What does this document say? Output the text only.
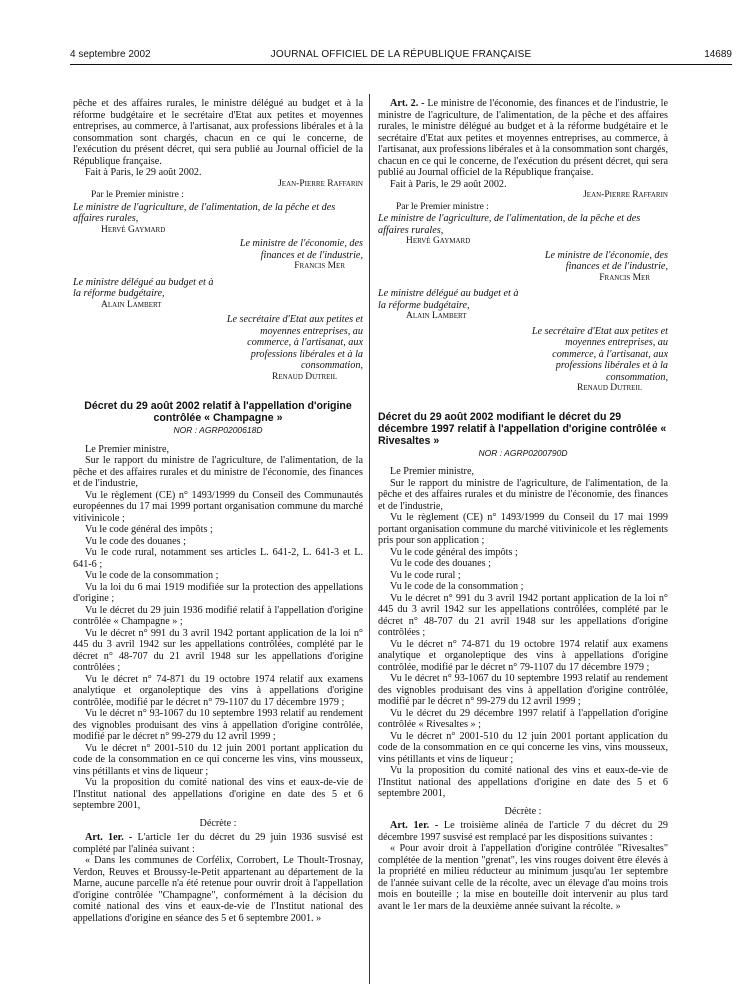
4 septembre 2002	JOURNAL OFFICIEL DE LA RÉPUBLIQUE FRANÇAISE	14689

pêche et des affaires rurales, le ministre délégué au budget et à la réforme budgétaire et le secrétaire d'Etat aux petites et moyennes entreprises, au commerce, à l'artisanat, aux professions libérales et à la consommation sont chargés, chacun en ce qui le concerne, de l'exécution du présent décret, qui sera publié au Journal officiel de la République française.

Fait à Paris, le 29 août 2002.

Jean-Pierre Raffarin

Par le Premier ministre :

Le ministre de l'agriculture, de l'alimentation, de la pêche et des affaires rurales,

Hervé Gaymard

Le ministre de l'économie, des finances et de l'industrie,

Francis Mer

Le ministre délégué au budget et à la réforme budgétaire,

Alain Lambert

Le secrétaire d'Etat aux petites et moyennes entreprises, au commerce, à l'artisanat, aux professions libérales et à la consommation,

Renaud Dutreil

Décret du 29 août 2002 relatif à l'appellation d'origine contrôlée « Champagne »

NOR : AGRP0200618D

Le Premier ministre,

Sur le rapport du ministre de l'agriculture, de l'alimentation, de la pêche et des affaires rurales et du ministre de l'économie, des finances et de l'industrie,

Vu le règlement (CE) n° 1493/1999 du Conseil des Communautés européennes du 17 mai 1999 portant organisation commune du marché vitivinicole ;

Vu le code général des impôts ;

Vu le code des douanes ;

Vu le code rural, notamment ses articles L. 641-2, L. 641-3 et L. 641-6 ;

Vu le code de la consommation ;

Vu la loi du 6 mai 1919 modifiée sur la protection des appellations d'origine ;

Vu le décret du 29 juin 1936 modifié relatif à l'appellation d'origine contrôlée « Champagne » ;

Vu le décret n° 991 du 3 avril 1942 portant application de la loi n° 445 du 3 avril 1942 sur les appellations contrôlées, complété par le décret n° 48-707 du 21 avril 1948 sur les appellations d'origine contrôlées ;

Vu le décret n° 74-871 du 19 octobre 1974 relatif aux examens analytique et organoleptique des vins à appellations d'origine contrôlée, modifié par le décret n° 79-1107 du 17 décembre 1979 ;

Vu le décret n° 93-1067 du 10 septembre 1993 relatif au rendement des vignobles produisant des vins à appellation d'origine contrôlée, modifié par le décret n° 99-279 du 12 avril 1999 ;

Vu le décret n° 2001-510 du 12 juin 2001 portant application du code de la consommation en ce qui concerne les vins, vins mousseux, vins pétillants et vins de liqueur ;

Vu la proposition du comité national des vins et eaux-de-vie de l'Institut national des appellations d'origine en date des 5 et 6 septembre 2001,

Décrète :

Art. 1er. - L'article 1er du décret du 29 juin 1936 susvisé est complété par l'alinéa suivant :

« Dans les communes de Corfélix, Corrobert, Le Thoult-Trosnay, Verdon, Reuves et Broussy-le-Petit appartenant au département de la Marne, aucune parcelle n'a été retenue pour ouvrir droit à l'appellation d'origine contrôlée "Champagne", conformément à la décision du comité national des vins et eaux-de-vie de l'Institut national des appellations d'origine en séance des 5 et 6 septembre 2001. »

Art. 2. - Le ministre de l'économie, des finances et de l'industrie, le ministre de l'agriculture, de l'alimentation, de la pêche et des affaires rurales, le ministre délégué au budget et à la réforme budgétaire et le secrétaire d'Etat aux petites et moyennes entreprises, au commerce, à l'artisanat, aux professions libérales et à la consommation sont chargés, chacun en ce qui le concerne, de l'exécution du présent décret, qui sera publié au Journal officiel de la République française.

Fait à Paris, le 29 août 2002.

Jean-Pierre Raffarin

Par le Premier ministre :

Le ministre de l'agriculture, de l'alimentation, de la pêche et des affaires rurales,

Hervé Gaymard

Le ministre de l'économie, des finances et de l'industrie,

Francis Mer

Le ministre délégué au budget et à la réforme budgétaire,

Alain Lambert

Le secrétaire d'Etat aux petites et moyennes entreprises, au commerce, à l'artisanat, aux professions libérales et à la consommation,

Renaud Dutreil

Décret du 29 août 2002 modifiant le décret du 29 décembre 1997 relatif à l'appellation d'origine contrôlée « Rivesaltes »

NOR : AGRP0200790D

Le Premier ministre,

Sur le rapport du ministre de l'agriculture, de l'alimentation, de la pêche et des affaires rurales et du ministre de l'économie, des finances et de l'industrie,

Vu le règlement (CE) n° 1493/1999 du Conseil du 17 mai 1999 portant organisation commune du marché vitivinicole et les règlements pris pour son application ;

Vu le code général des impôts ;

Vu le code des douanes ;

Vu le code rural ;

Vu le code de la consommation ;

Vu le décret n° 991 du 3 avril 1942 portant application de la loi n° 445 du 3 avril 1942 sur les appellations contrôlées, complété par le décret n° 48-707 du 21 avril 1948 sur les appellations d'origine contrôlées ;

Vu le décret n° 74-871 du 19 octobre 1974 relatif aux examens analytique et organoleptique des vins à appellations d'origine contrôlée, modifié par le décret n° 79-1107 du 17 décembre 1979 ;

Vu le décret n° 93-1067 du 10 septembre 1993 relatif au rendement des vignobles produisant des vins à appellation d'origine contrôlée, modifié par le décret n° 99-279 du 12 avril 1999 ;

Vu le décret du 29 décembre 1997 relatif à l'appellation d'origine contrôlée « Rivesaltes » ;

Vu le décret n° 2001-510 du 12 juin 2001 portant application du code de la consommation en ce qui concerne les vins, vins mousseux, vins pétillants et vins de liqueur ;

Vu la proposition du comité national des vins et eaux-de-vie de l'Institut national des appellations d'origine en date des 5 et 6 septembre 2001,

Décrète :

Art. 1er. - Le troisième alinéa de l'article 7 du décret du 29 décembre 1997 susvisé est remplacé par les dispositions suivantes :

« Pour avoir droit à l'appellation d'origine contrôlée "Rivesaltes" complétée de la mention "grenat", les vins rouges doivent être élevés à la propriété en milieu réducteur au minimum jusqu'au 1er septembre de l'année suivant celle de la récolte, avec un élevage d'au moins trois mois en bouteille ; la mise en bouteille doit intervenir au plus tard avant le 1er mars de la deuxième année suivant la récolte. »
